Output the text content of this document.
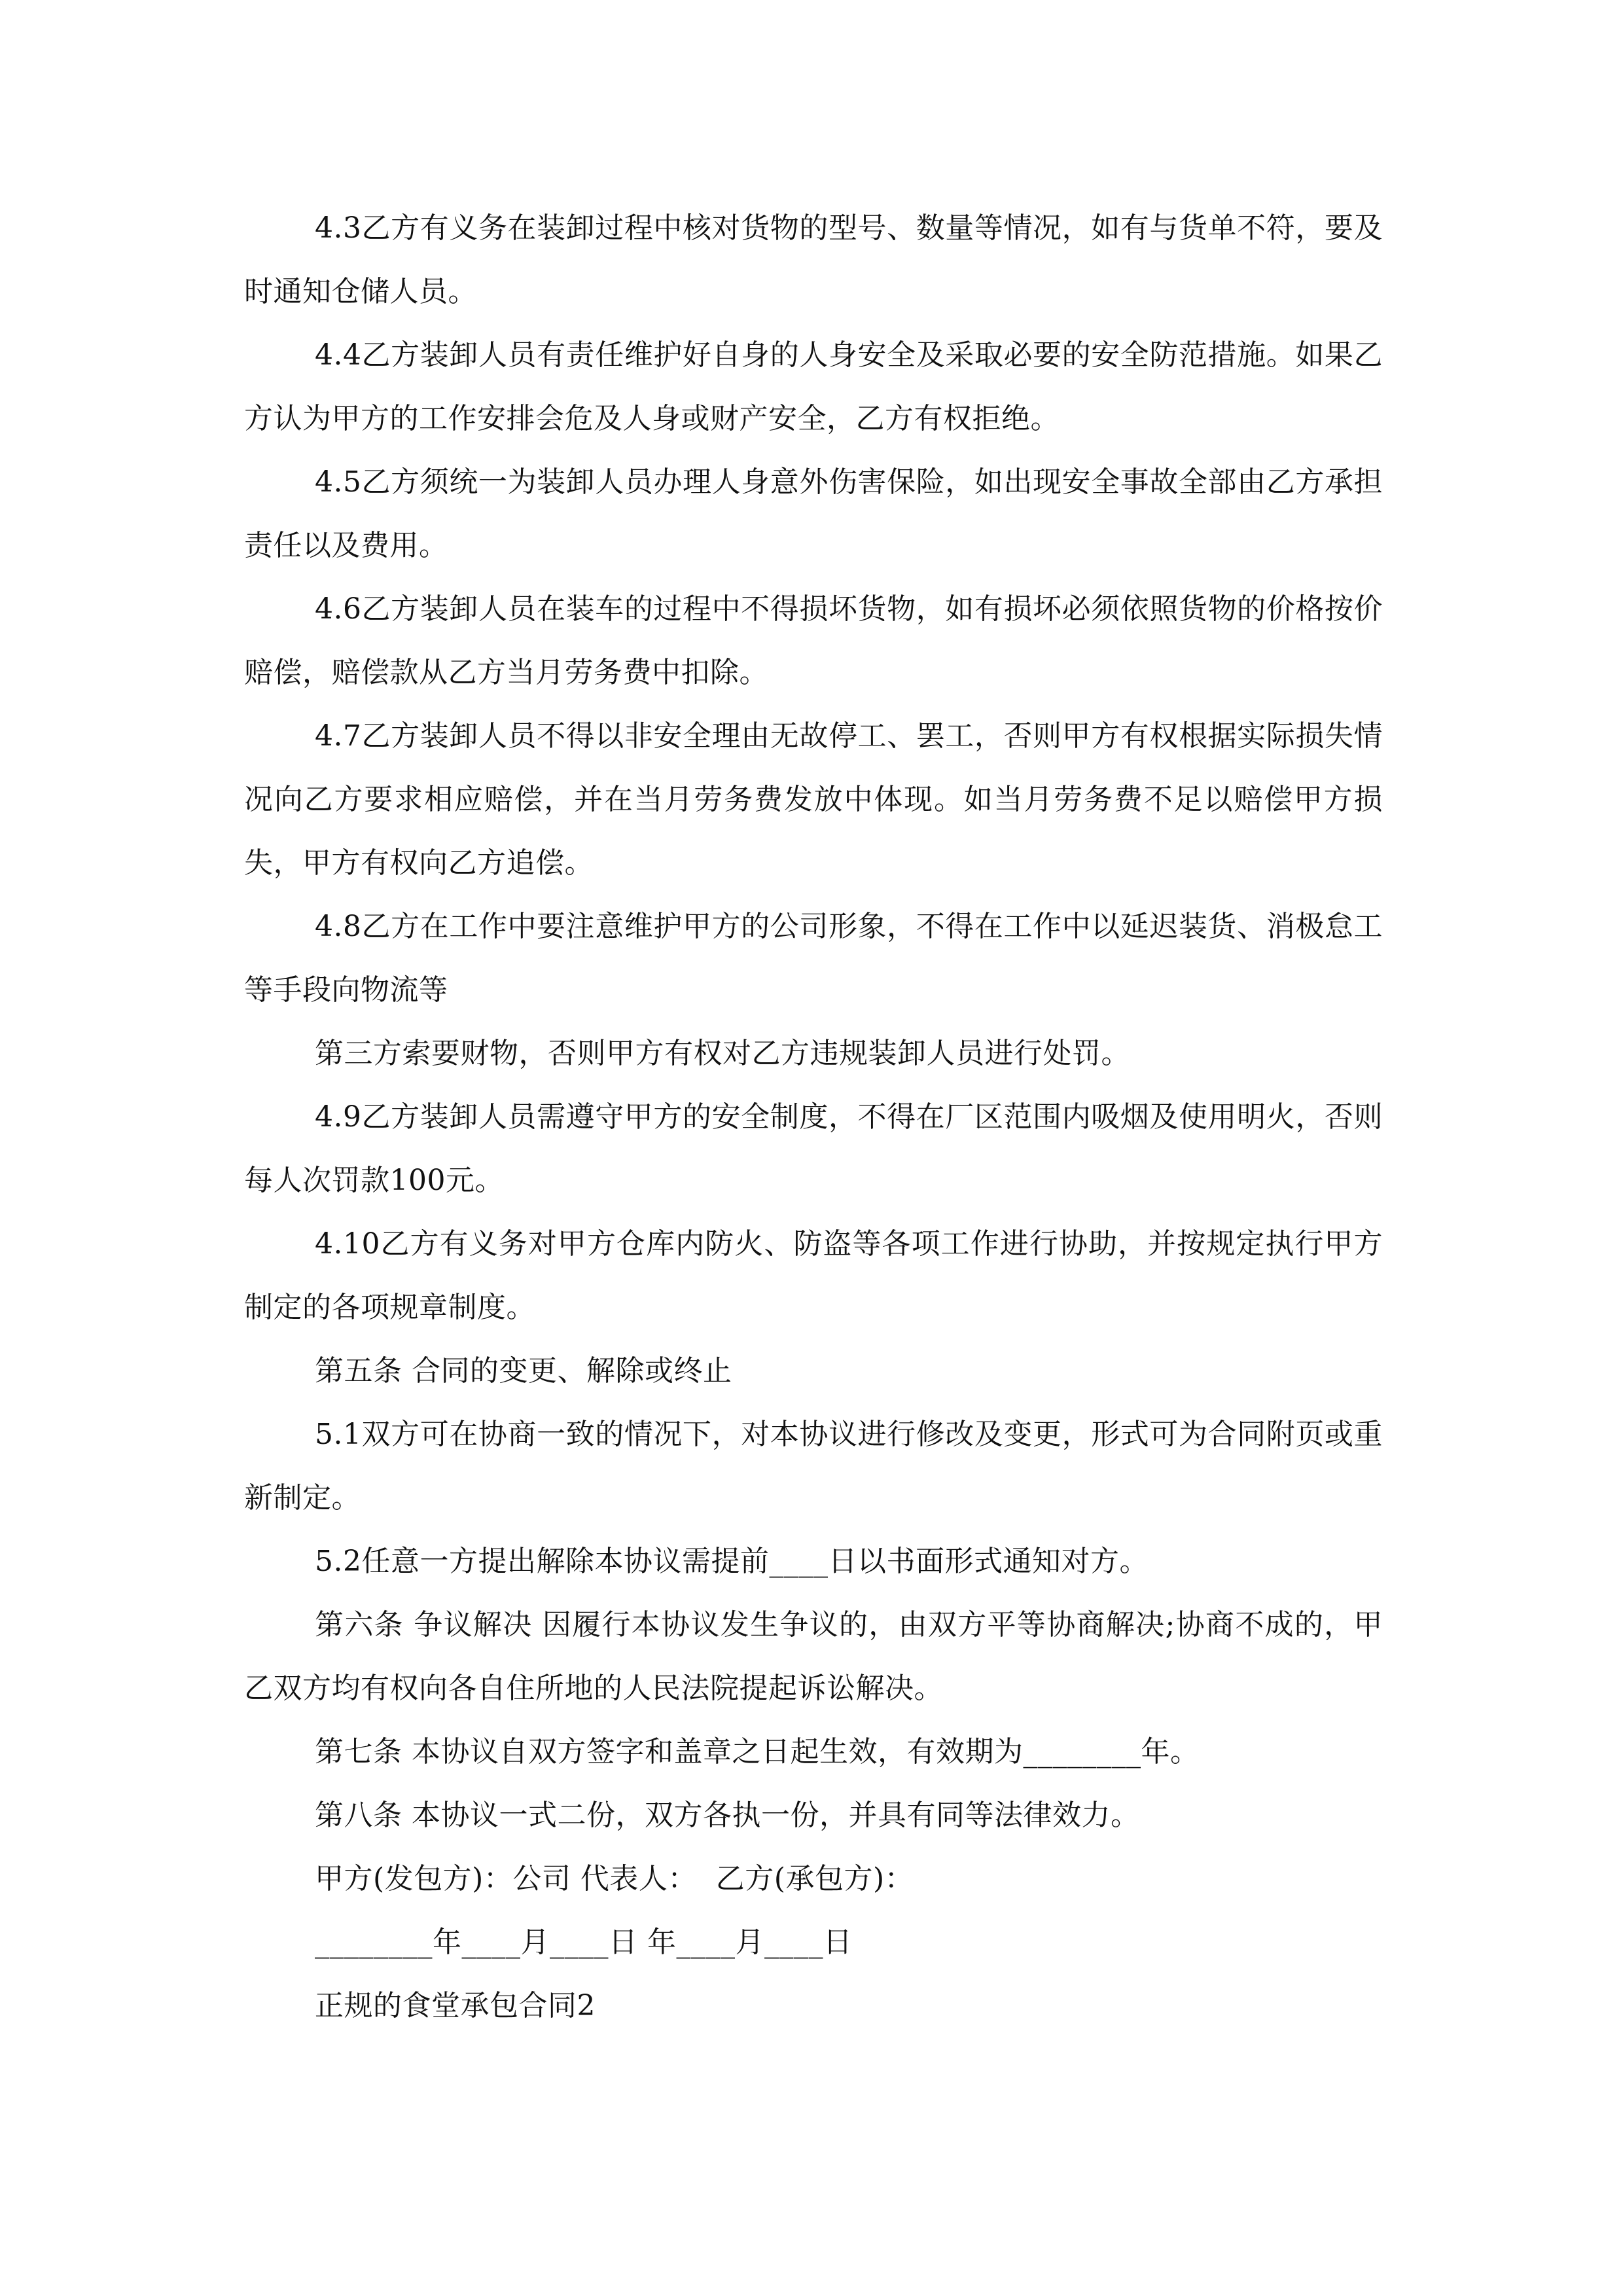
4.3乙方有义务在装卸过程中核对货物的型号、数量等情况，如有与货单不符，要及时通知仓储人员。

4.4乙方装卸人员有责任维护好自身的人身安全及采取必要的安全防范措施。如果乙方认为甲方的工作安排会危及人身或财产安全，乙方有权拒绝。

4.5乙方须统一为装卸人员办理人身意外伤害保险，如出现安全事故全部由乙方承担责任以及费用。

4.6乙方装卸人员在装车的过程中不得损坏货物，如有损坏必须依照货物的价格按价赔偿，赔偿款从乙方当月劳务费中扣除。

4.7乙方装卸人员不得以非安全理由无故停工、罢工，否则甲方有权根据实际损失情况向乙方要求相应赔偿，并在当月劳务费发放中体现。如当月劳务费不足以赔偿甲方损失，甲方有权向乙方追偿。

4.8乙方在工作中要注意维护甲方的公司形象，不得在工作中以延迟装货、消极怠工等手段向物流等

第三方索要财物，否则甲方有权对乙方违规装卸人员进行处罚。

4.9乙方装卸人员需遵守甲方的安全制度，不得在厂区范围内吸烟及使用明火，否则每人次罚款100元。

4.10乙方有义务对甲方仓库内防火、防盗等各项工作进行协助，并按规定执行甲方制定的各项规章制度。

第五条 合同的变更、解除或终止

5.1双方可在协商一致的情况下，对本协议进行修改及变更，形式可为合同附页或重新制定。

5.2任意一方提出解除本协议需提前____日以书面形式通知对方。

第六条 争议解决 因履行本协议发生争议的，由双方平等协商解决;协商不成的，甲乙双方均有权向各自住所地的人民法院提起诉讼解决。

第七条 本协议自双方签字和盖章之日起生效，有效期为________年。

第八条 本协议一式二份，双方各执一份，并具有同等法律效力。

甲方(发包方)：公司 代表人：  乙方(承包方)：

________年____月____日 年____月____日

正规的食堂承包合同2
